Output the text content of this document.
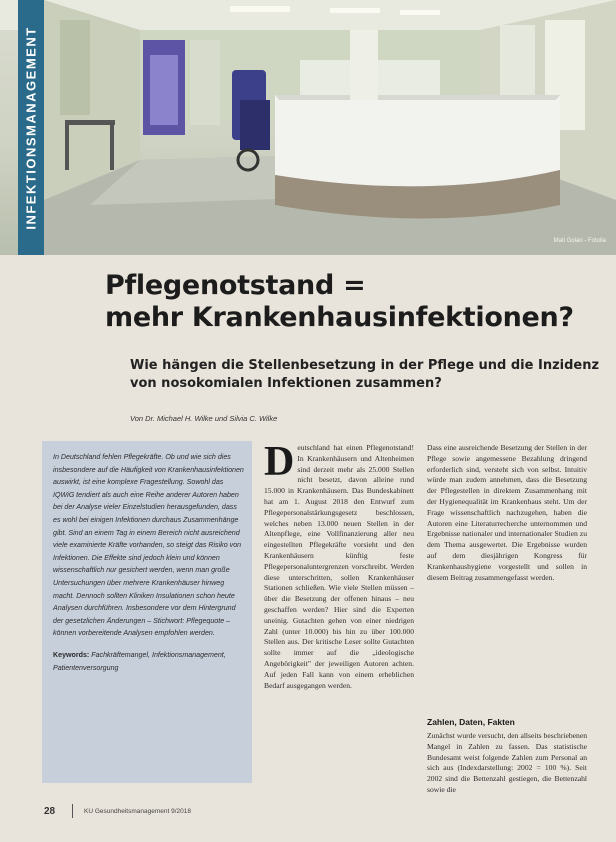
Mati Golan - Fotolia
INFEKTIONSMANAGEMENT
Pflegenotstand =
mehr Krankenhausinfektionen?
Wie hängen die Stellenbesetzung in der Pflege und die Inzidenz
von nosokomialen Infektionen zusammen?
Von Dr. Michael H. Wilke und Silvia C. Wilke

In Deutschland fehlen Pflegekräfte. Ob und wie sich dies insbesondere auf die Häufigkeit von Krankenhausinfektionen auswirkt, ist eine komplexe Fragestellung. Sowohl das IQWiG tendiert als auch eine Reihe anderer Autoren haben bei der Analyse vieler Einzelstudien herausgefunden, dass es wohl bei einigen Infektionen durchaus Zusammenhänge gibt. Sind an einem Tag in einem Bereich nicht ausreichend viele examinierte Kräfte vorhanden, so steigt das Risiko von Infektionen. Die Effekte sind jedoch klein und können wissenschaftlich nur gesichert werden, wenn man große Untersuchungen über mehrere Krankenhäuser hinweg macht. Dennoch sollten Kliniken Insulationen schon heute Analysen durchführen. Insbesondere vor dem Hintergrund der gesetzlichen Änderungen – Stichwort: Pflegequote – können vorbereitende Analysen empfohlen werden.

Keywords: Fachkräftemangel, Infektionsmanagement, Patientenversorgung

Deutschland hat einen Pflegenotstand! In Krankenhäusern und Altenheimen sind derzeit mehr als 25.000 Stellen nicht besetzt, davon alleine rund 15.000 in Krankenhäusern. Das Bundeskabinett hat am 1. August 2018 den Entwurf zum Pflegepersonalstärkungsgesetz beschlossen, welches neben 13.000 neuen Stellen in der Altenpflege, eine Vollfinanzierung aller neu eingestellten Pflegekräfte vorsieht und den Krankenhäusern künftig feste Pflegepersonaluntergrenzen vorschreibt. Werden diese unterschritten, sollen Krankenhäuser Stationen schließen. Wie viele Stellen müssen – über die Besetzung der offenen hinaus – neu geschaffen werden? Hier sind die Experten uneinig. Gutachten gehen von einer niedrigen Zahl (unter 10.000) bis hin zu über 100.000 Stellen aus. Der kritische Leser sollte Gutachten sollte immer auf die „ideologische Angebörigkeit" der jeweiligen Autoren achten. Auf jeden Fall kann von einem erheblichen Bedarf ausgegangen werden.

Dass eine ausreichende Besetzung der Stellen in der Pflege sowie angemessene Bezahlung dringend erforderlich sind, versteht sich von selbst. Intuitiv würde man zudem annehmen, dass die Besetzung der Pflegestellen in direktem Zusammenhang mit der Hygienequalität im Krankenhaus steht. Um der Frage wissenschaftlich nachzugehen, haben die Autoren eine Literaturrecherche unternommen und Ergebnisse nationaler und internationaler Studien zu dem Thema ausgewertet. Die Ergebnisse wurden auf dem diesjährigen Kongress für Krankenhaushygiene vorgestellt und sollen in diesem Beitrag zusammengefasst werden.

Zahlen, Daten, Fakten

Zunächst wurde versucht, den allseits beschriebenen Mangel in Zahlen zu fassen. Das statistische Bundesamt weist folgende Zahlen zum Personal an sich aus (Indexdarstellung: 2002 = 100 %). Seit 2002 sind die Bettenzahl gestiegen, die Bettenzahl sowie die

28	KU Gesundheitsmanagement 9/2018
